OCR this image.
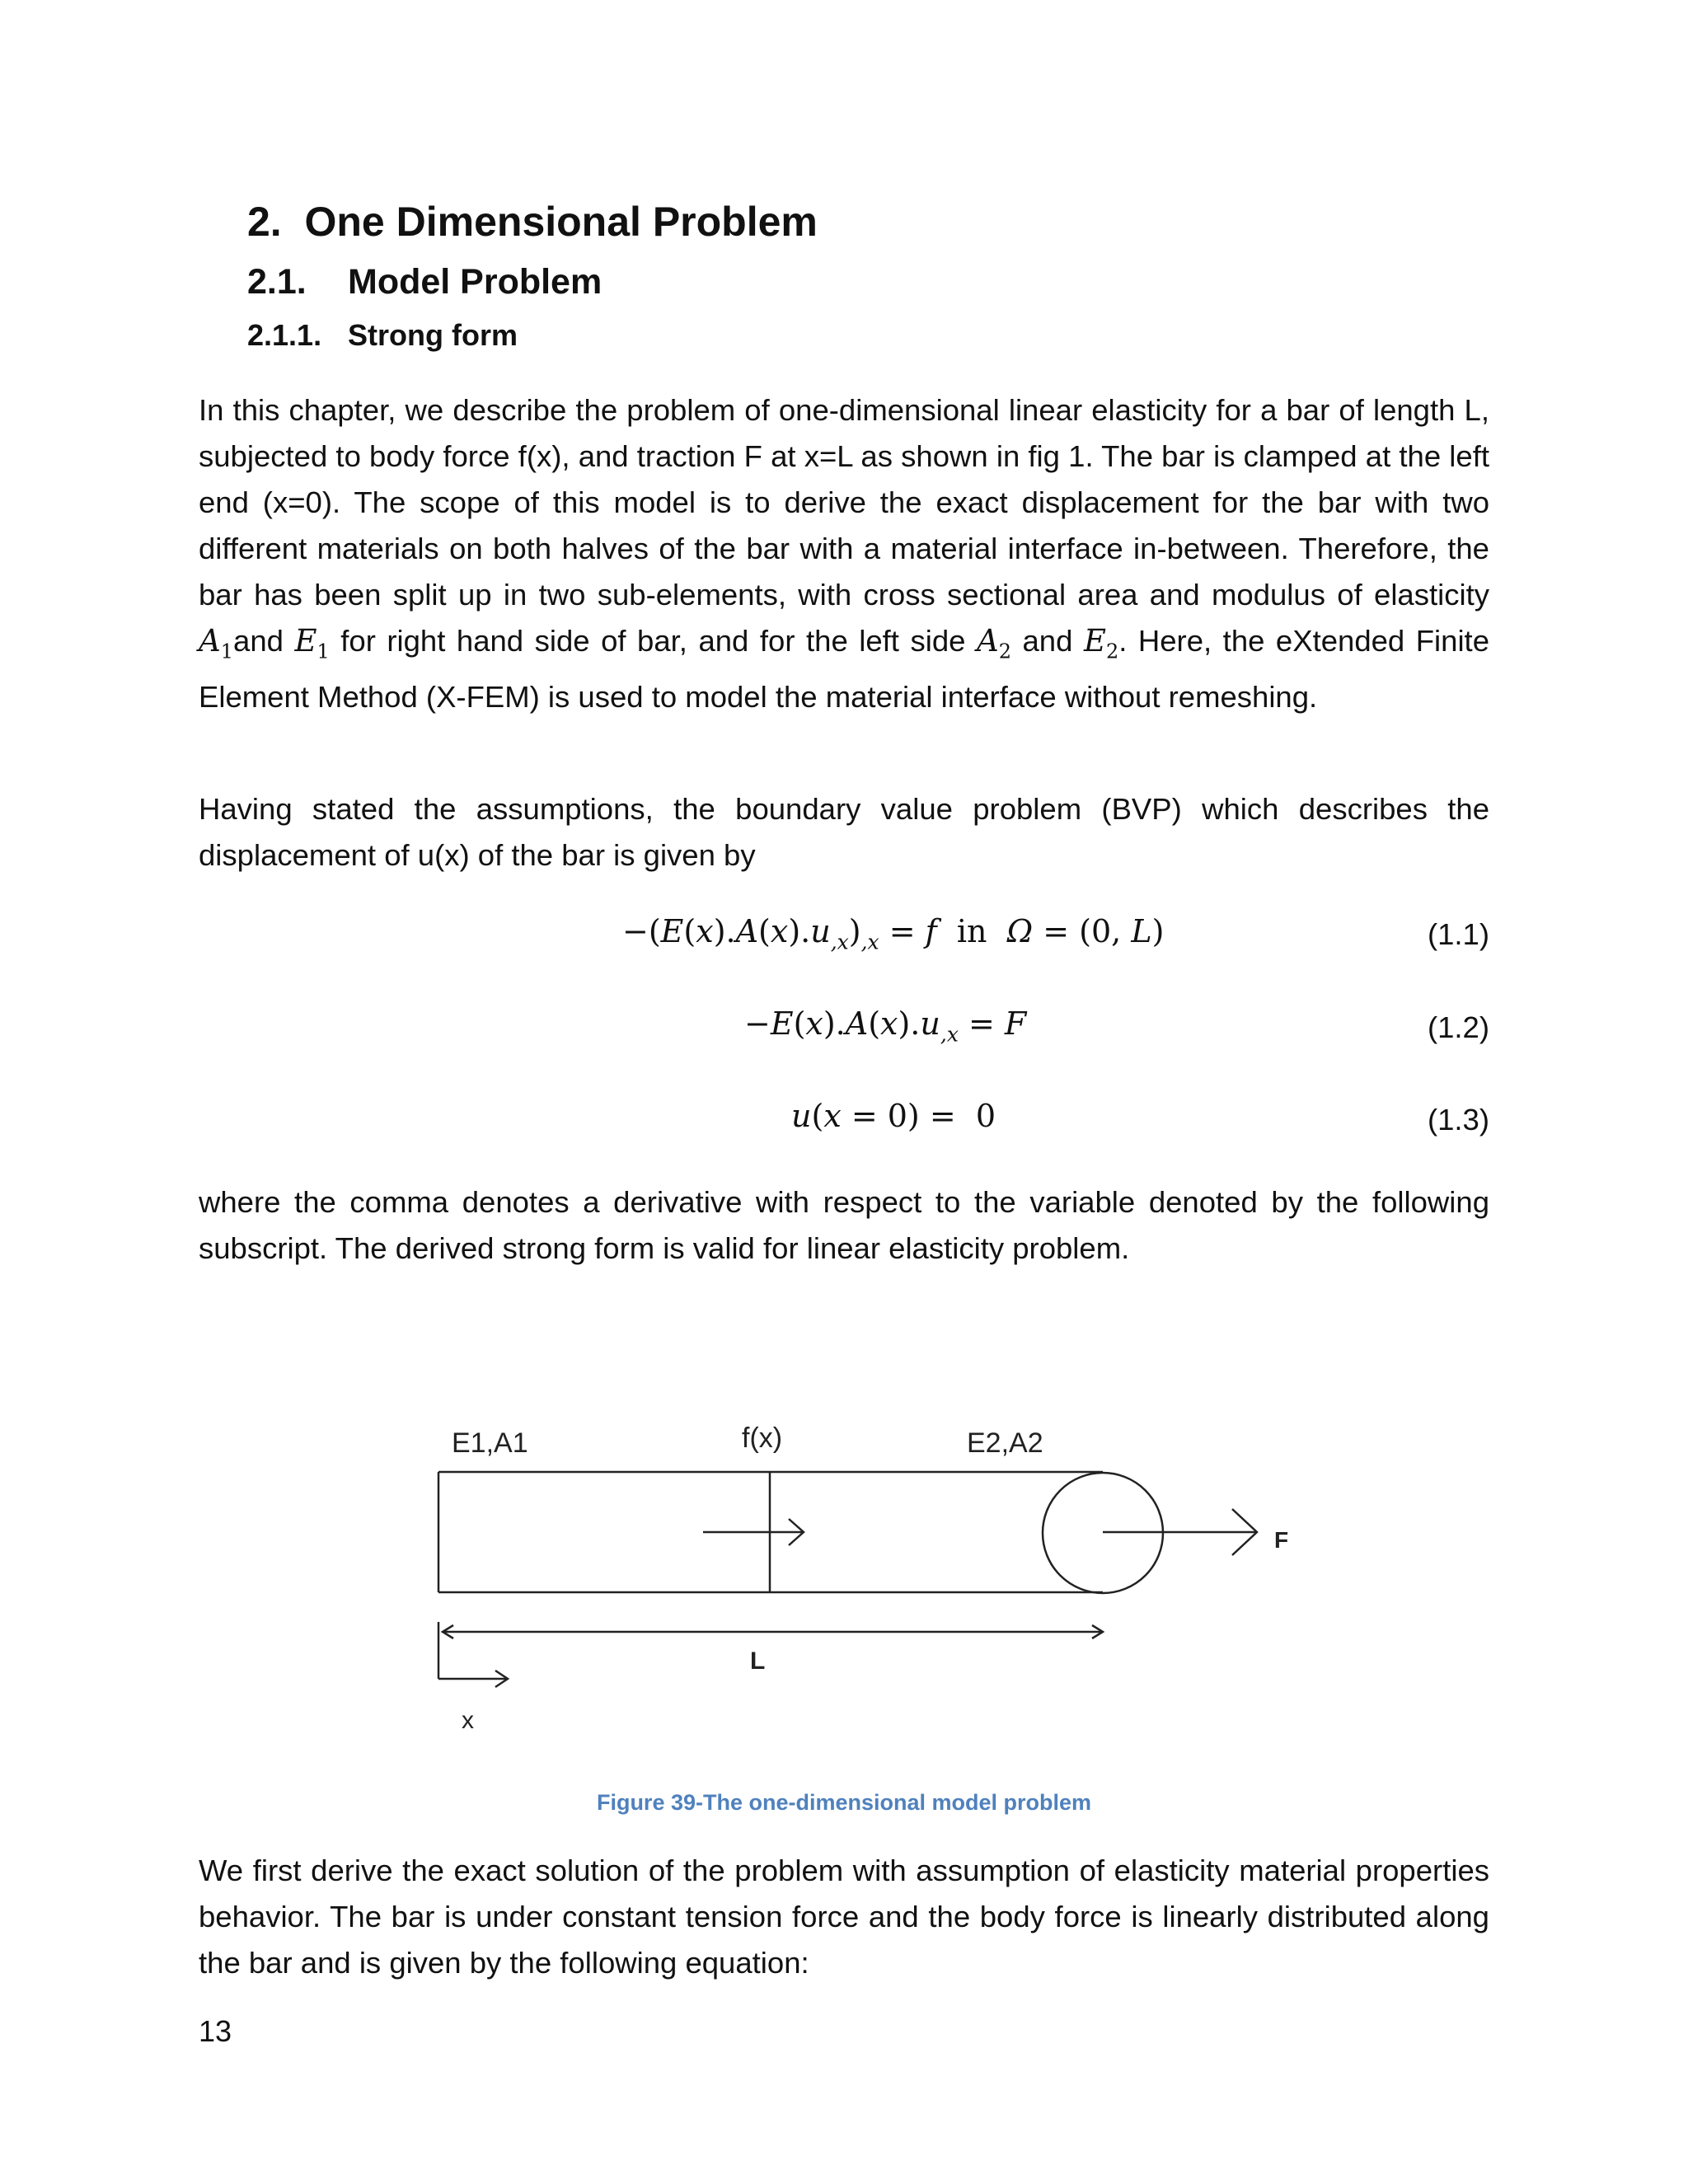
2. One Dimensional Problem
2.1. Model Problem
2.1.1. Strong form

In this chapter, we describe the problem of one-dimensional linear elasticity for a bar of length L, subjected to body force f(x), and traction F at x=L as shown in fig 1. The bar is clamped at the left end (x=0). The scope of this model is to derive the exact displacement for the bar with two different materials on both halves of the bar with a material interface in-between. Therefore, the bar has been split up in two sub-elements, with cross sectional area and modulus of elasticity $A_1and$ $E_1$ for right hand side of bar, and for the left side $A_2$ and $E_2$. Here, the eXtended Finite Element Method (X-FEM) is used to model the material interface without remeshing.

Having stated the assumptions, the boundary value problem (BVP) which describes the displacement of u(x) of the bar is given by

$-(E(x).A(x).u_{,x})_{,x} = f$  in  Ω = (0, L)	(1.1)
$-E(x).A(x).u_{,x} = F$	(1.2)
u(x = 0) =  0	(1.3)

where the comma denotes a derivative with respect to the variable denoted by the following subscript. The derived strong form is valid for linear elasticity problem.

E1,A1	f(x)	E2,A2
F
L
x

Figure 39-The one-dimensional model problem

We first derive the exact solution of the problem with assumption of elasticity material properties behavior. The bar is under constant tension force and the body force is linearly distributed along the bar and is given by the following equation:

13
